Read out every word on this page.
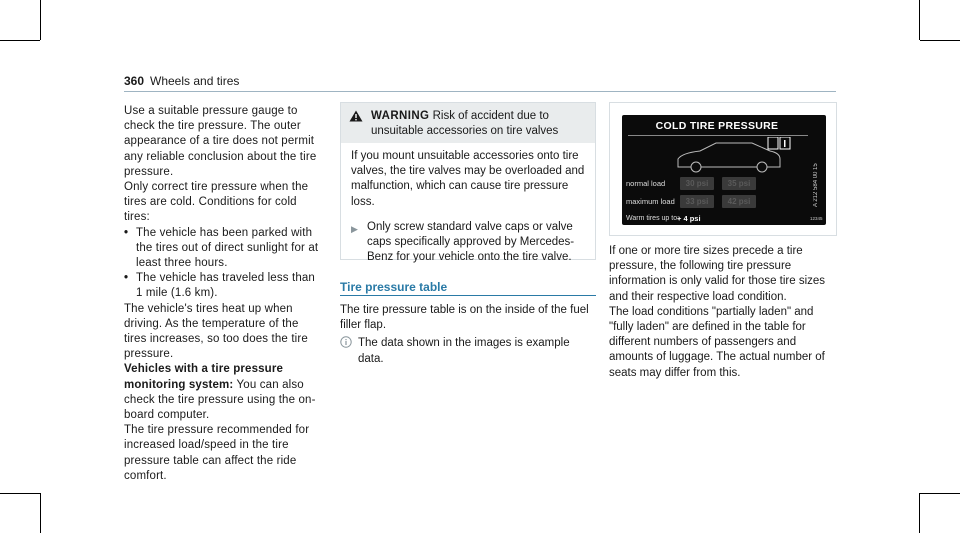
360 Wheels and tires

Use a suitable pressure gauge to check the tire pressure. The outer appearance of a tire does not permit any reliable conclusion about the tire pressure.

Only correct tire pressure when the tires are cold. Conditions for cold tires:

• The vehicle has been parked with the tires out of direct sunlight for at least three hours.
• The vehicle has traveled less than 1 mile (1.6 km).

The vehicle's tires heat up when driving. As the temperature of the tires increases, so too does the tire pressure.

Vehicles with a tire pressure monitoring system: You can also check the tire pressure using the on-board computer.

The tire pressure recommended for increased load/speed in the tire pressure table can affect the ride comfort.

WARNING Risk of accident due to unsuitable accessories on tire valves

If you mount unsuitable accessories onto tire valves, the tire valves may be overloaded and malfunction, which can cause tire pressure loss.

▶ Only screw standard valve caps or valve caps specifically approved by Mercedes-Benz for your vehicle onto the tire valve.
Tire pressure table

The tire pressure table is on the inside of the fuel filler flap.

The data shown in the images is example data.
COLD TIRE PRESSURE
normal load	30 psi	35 psi
maximum load	33 psi	42 psi
Warm tires up to:
+ 4 psi
A 212 584 00 15
12345

If one or more tire sizes precede a tire pressure, the following tire pressure information is only valid for those tire sizes and their respective load condition.

The load conditions "partially laden" and "fully laden" are defined in the table for different numbers of passengers and amounts of luggage. The actual number of seats may differ from this.
